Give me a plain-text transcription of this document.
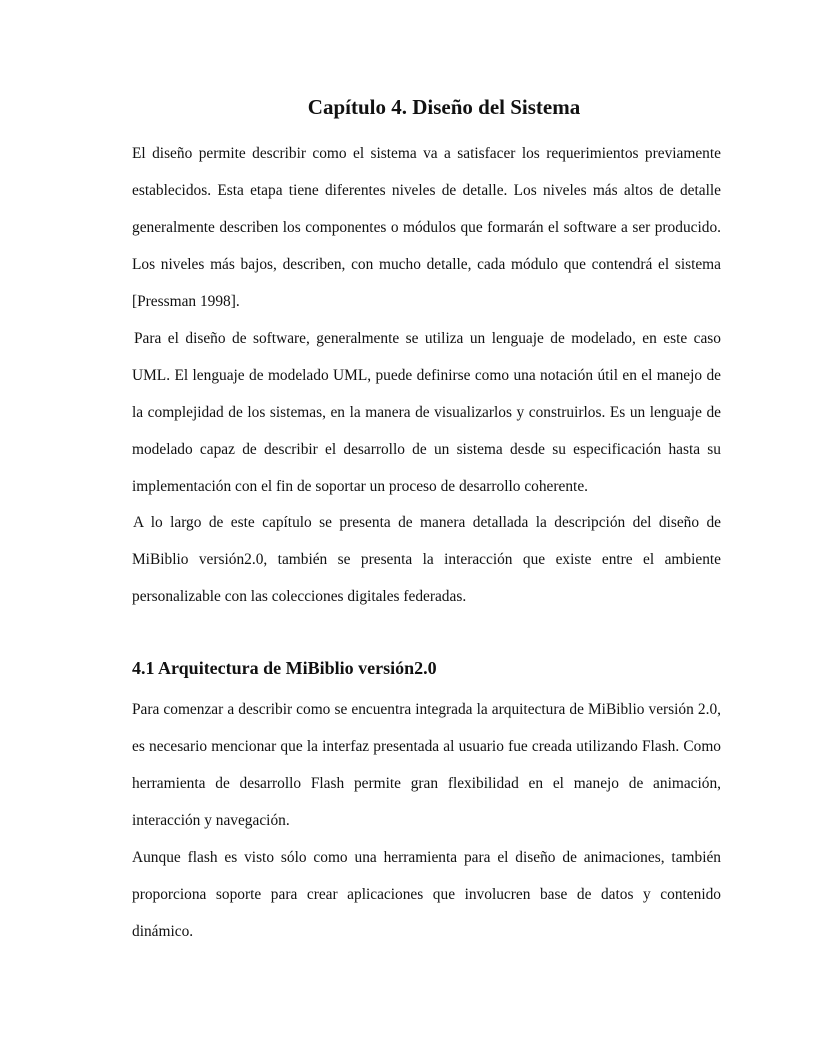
Capítulo 4. Diseño del Sistema

El diseño permite describir como el sistema va a satisfacer los requerimientos previamente establecidos. Esta etapa tiene diferentes niveles de detalle. Los niveles más altos de detalle generalmente describen los componentes o módulos que formarán el software a ser producido. Los niveles más bajos, describen, con mucho detalle, cada módulo que contendrá el sistema [Pressman 1998].

Para el diseño de software, generalmente se utiliza un lenguaje de modelado, en este caso UML. El lenguaje de modelado UML, puede definirse como una notación útil en el manejo de la complejidad de los sistemas, en la manera de visualizarlos y construirlos. Es un lenguaje de modelado capaz de describir el desarrollo de un sistema desde su especificación hasta su implementación con el fin de soportar un proceso de desarrollo coherente.

A lo largo de este capítulo se presenta de manera detallada la descripción del diseño de MiBiblio versión2.0, también se presenta la interacción que existe entre el ambiente personalizable con las colecciones digitales federadas.

4.1 Arquitectura de MiBiblio versión2.0

Para comenzar a describir como se encuentra integrada la arquitectura de MiBiblio versión 2.0, es necesario mencionar que la interfaz presentada al usuario fue creada utilizando Flash. Como herramienta de desarrollo Flash permite gran flexibilidad en el manejo de animación, interacción y navegación.

Aunque flash es visto sólo como una herramienta para el diseño de animaciones, también proporciona soporte para crear aplicaciones que involucren base de datos y contenido dinámico.
